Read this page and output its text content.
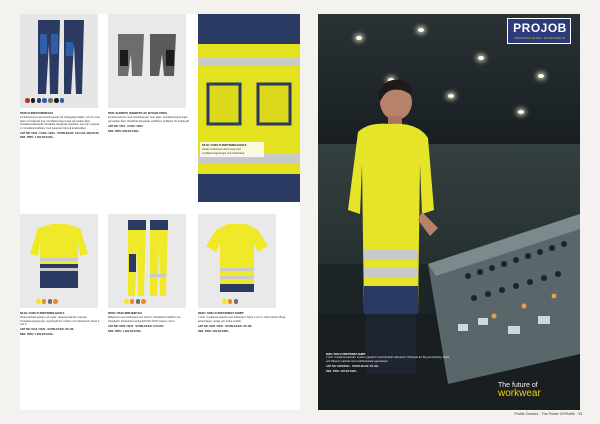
5520 FUNKTIONSBYXA
Funktionsbyxa med stretchpaneler på strategiska ställen, så som över sätet och bakside knä. Ventilationsöppningar på utsidan låret, förstärkta hälsskydd, förstärkta hängande spikfickor som kan stoppas in, förstärkta knäfickor med justerbar höjd på knäskydden.
ART NR: 5520 · FÄRG: 23/10 · STORLEKAR: C44-C64, D92-D128
REK. PRIS: 1 799 KR EXKL.
5521 SHORTS (SHORTS AV BYXAN 5520)
Funktionsshorts med stretchpaneler över sätet. Ventilationsöppningar på utsidan låret, förstärkta hängande spikfickor, knäfickor för knäskydd.
ART NR: 5521 · FÄRG: 23/10
REK. PRIS: 899 KR EXKL.
6419 / 6420 FUNKTIONSJACKA
Detalj: funktionell utformning med ventilationsöppningar och reflexband.
6419 / 6420 FUNKTIONSJACKA
Varsel-funktionsjacka i ett mjukt, vattenavvisande material. Ventilationsöppningar, regnskydd för mobilen och reflexband. Klass 2 och 3.
ART NR: 6419 / 6420 · STORLEKAR: XS-4XL
REK. PRIS: 1 999 KR EXKL.
6506 / 6512 MIDJEBYXA
Midjebyxa med reflexband och stretch. Förstärkta knäfickor och hängfickor. Reflexband enligt EN ISO 20471 klass 1 och 2.
ART NR: 6506 / 6512 · STORLEKAR: C44-C64
REK. PRIS: 1 499 KR EXKL.
6030 / 6031 FUNKTIONST-SHIRT
T-shirt i funktionsmaterial med reflexband. Klass 2 och 3. Utformad för långa arbetsdagar, andas och torkar snabbt.
ART NR: 6030 / 6031 · STORLEKAR: XS-4XL
REK. PRIS: 429 KR EXKL.
PROJOB
PROFESSIONAL WORKWEAR
6030 / 6031 FUNKTIONST-SHIRT
T-shirt i funktionsmaterial i modern passform med förstärkt reflexband. Tillverkad för lång användning. Mjukt och följsamt material med snabbtorkande egenskaper.
ART NR: 6030/6031 · STORLEKAR: XS-4XL
REK. PRIS: 429 KR EXKL.
The future of
workwear
Profile Centers · The Power Of Profile · 33
